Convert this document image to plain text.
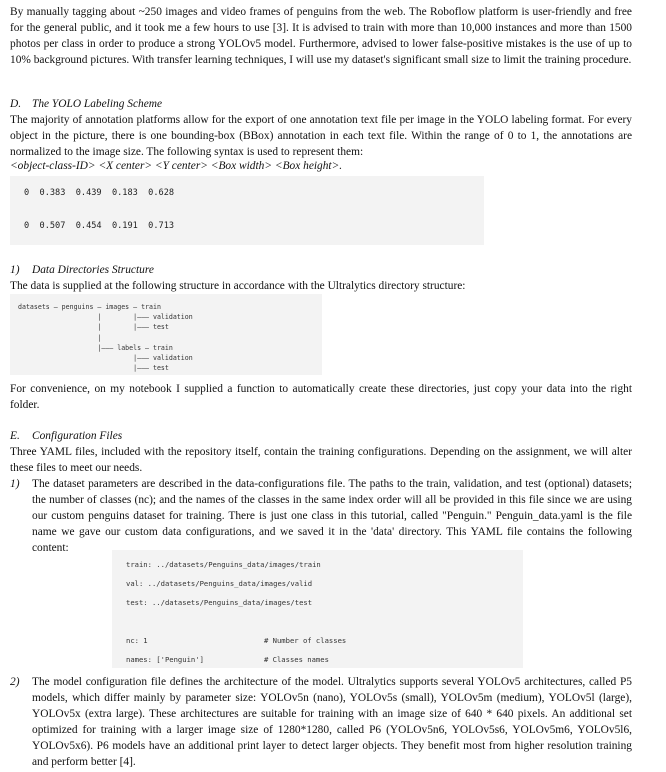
By manually tagging about ~250 images and video frames of penguins from the web. The Roboflow platform is user-friendly and free for the general public, and it took me a few hours to use [3]. It is advised to train with more than 10,000 instances and more than 1500 photos per class in order to produce a strong YOLOv5 model. Furthermore, advised to lower false-positive mistakes is the use of up to 10% background pictures. With transfer learning techniques, I will use my dataset's significant small size to limit the training procedure.

D. The YOLO Labeling Scheme

The majority of annotation platforms allow for the export of one annotation text file per image in the YOLO labeling format. For every object in the picture, there is one bounding-box (BBox) annotation in each text file. Within the range of 0 to 1, the annotations are normalized to the image size. The following syntax is used to represent them:

<object-class-ID> <X center> <Y center> <Box width> <Box height>.

0  0.383  0.439  0.183  0.628
0  0.507  0.454  0.191  0.713
1) Data Directories Structure

The data is supplied at the following structure in accordance with the Ultralytics directory structure:

datasets — penguins — images — train
|        |——— validation
|        |——— test
|
|——— labels — train
|——— validation
|——— test

For convenience, on my notebook I supplied a function to automatically create these directories, just copy your data into the right folder.

E. Configuration Files

Three YAML files, included with the repository itself, contain the training configurations. Depending on the assignment, we will alter these files to meet our needs.

1) The dataset parameters are described in the data-configurations file. The paths to the train, validation, and test (optional) datasets; the number of classes (nc); and the names of the classes in the same index order will all be provided in this file since we are using our custom penguins dataset for training. There is just one class in this tutorial, called "Penguin." Penguin_data.yaml is the file name we gave our custom data configurations, and we saved it in the 'data' directory. This YAML file contains the following content:

train: ../datasets/Penguins_data/images/train
val: ../datasets/Penguins_data/images/valid
test: ../datasets/Penguins_data/images/test
nc: 1	# Number of classes
names: ['Penguin']	# Classes names
2) The model configuration file defines the architecture of the model. Ultralytics supports several YOLOv5 architectures, called P5 models, which differ mainly by parameter size: YOLOv5n (nano), YOLOv5s (small), YOLOv5m (medium), YOLOv5l (large), YOLOv5x (extra large). These architectures are suitable for training with an image size of 640 * 640 pixels. An additional set optimized for training with a larger image size of 1280*1280, called P6 (YOLOv5n6, YOLOv5s6, YOLOv5m6, YOLOv5l6, YOLOv5x6). P6 models have an additional print layer to detect larger objects. They benefit most from higher resolution training and perform better [4].
